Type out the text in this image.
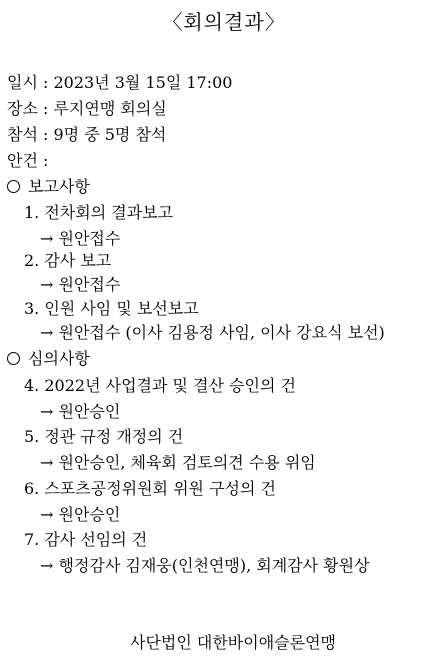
〈회의결과〉
일시 : 2023년 3월 15일 17:00
장소 : 루지연맹 회의실
참석 : 9명 중 5명 참석
안건 :
보고사항
1. 전차회의 결과보고
→ 원안접수
2. 감사 보고
→ 원안접수
3. 인원 사임 및 보선보고
→ 원안접수 (이사 김용정 사임, 이사 강요식 보선)
심의사항
4. 2022년 사업결과 및 결산 승인의 건
→ 원안승인
5. 정관 규정 개정의 건
→ 원안승인, 체육회 검토의견 수용 위임
6. 스포츠공정위원회 위원 구성의 건
→ 원안승인
7. 감사 선임의 건
→ 행정감사 김재웅(인천연맹), 회계감사 황원상
사단법인 대한바이애슬론연맹
